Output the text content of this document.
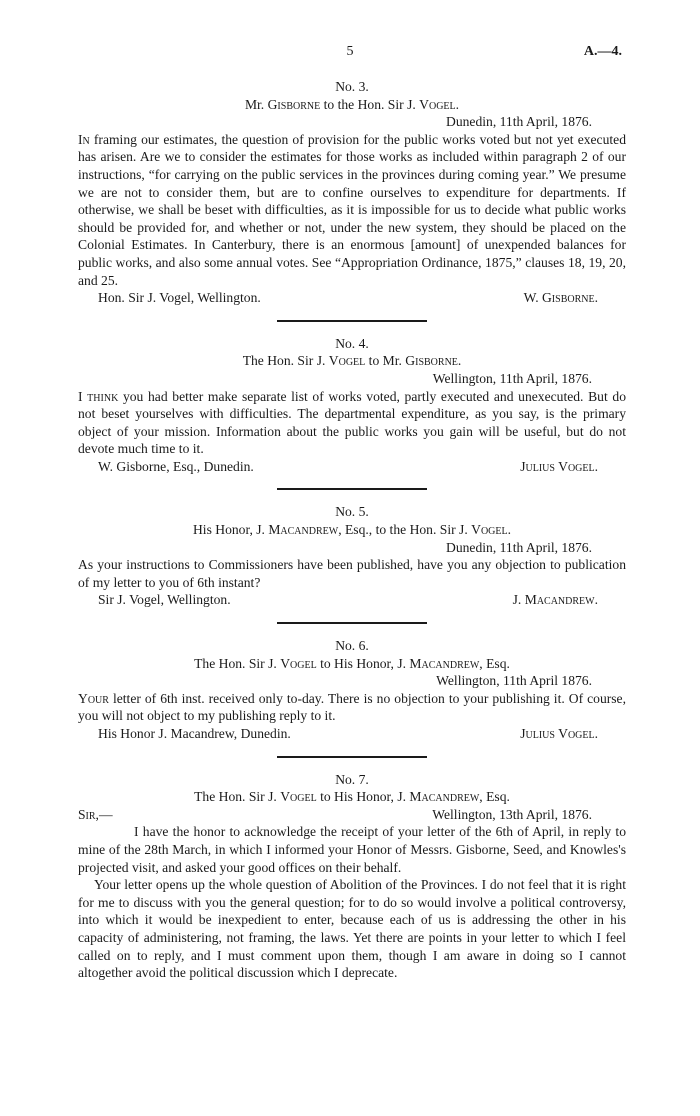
5	A.—4.

No. 3.

Mr. Gisborne to the Hon. Sir J. Vogel.

Dunedin, 11th April, 1876.

In framing our estimates, the question of provision for the public works voted but not yet executed has arisen. Are we to consider the estimates for those works as included within paragraph 2 of our instructions, “for carrying on the public services in the provinces during coming year.” We presume we are not to consider them, but are to confine ourselves to expenditure for departments. If otherwise, we shall be beset with difficulties, as it is impossible for us to decide what public works should be provided for, and whether or not, under the new system, they should be placed on the Colonial Estimates. In Canterbury, there is an enormous [amount] of unexpended balances for public works, and also some annual votes. See “Appropriation Ordinance, 1875,” clauses 18, 19, 20, and 25.

Hon. Sir J. Vogel, Wellington.	W. Gisborne.

No. 4.

The Hon. Sir J. Vogel to Mr. Gisborne.

Wellington, 11th April, 1876.

I think you had better make separate list of works voted, partly executed and unexecuted. But do not beset yourselves with difficulties. The departmental expenditure, as you say, is the primary object of your mission. Information about the public works you gain will be useful, but do not devote much time to it.

W. Gisborne, Esq., Dunedin.	Julius Vogel.

No. 5.

His Honor, J. Macandrew, Esq., to the Hon. Sir J. Vogel.

Dunedin, 11th April, 1876.

As your instructions to Commissioners have been published, have you any objection to publication of my letter to you of 6th instant?

Sir J. Vogel, Wellington.	J. Macandrew.

No. 6.

The Hon. Sir J. Vogel to His Honor, J. Macandrew, Esq.

Wellington, 11th April 1876.

Your letter of 6th inst. received only to-day. There is no objection to your publishing it. Of course, you will not object to my publishing reply to it.

His Honor J. Macandrew, Dunedin.	Julius Vogel.

No. 7.

The Hon. Sir J. Vogel to His Honor, J. Macandrew, Esq.

Sir,—	Wellington, 13th April, 1876.

I have the honor to acknowledge the receipt of your letter of the 6th of April, in reply to mine of the 28th March, in which I informed your Honor of Messrs. Gisborne, Seed, and Knowles's projected visit, and asked your good offices on their behalf.

Your letter opens up the whole question of Abolition of the Provinces. I do not feel that it is right for me to discuss with you the general question; for to do so would involve a political controversy, into which it would be inexpedient to enter, because each of us is addressing the other in his capacity of administering, not framing, the laws. Yet there are points in your letter to which I feel called on to reply, and I must comment upon them, though I am aware in doing so I cannot altogether avoid the political discussion which I deprecate.
